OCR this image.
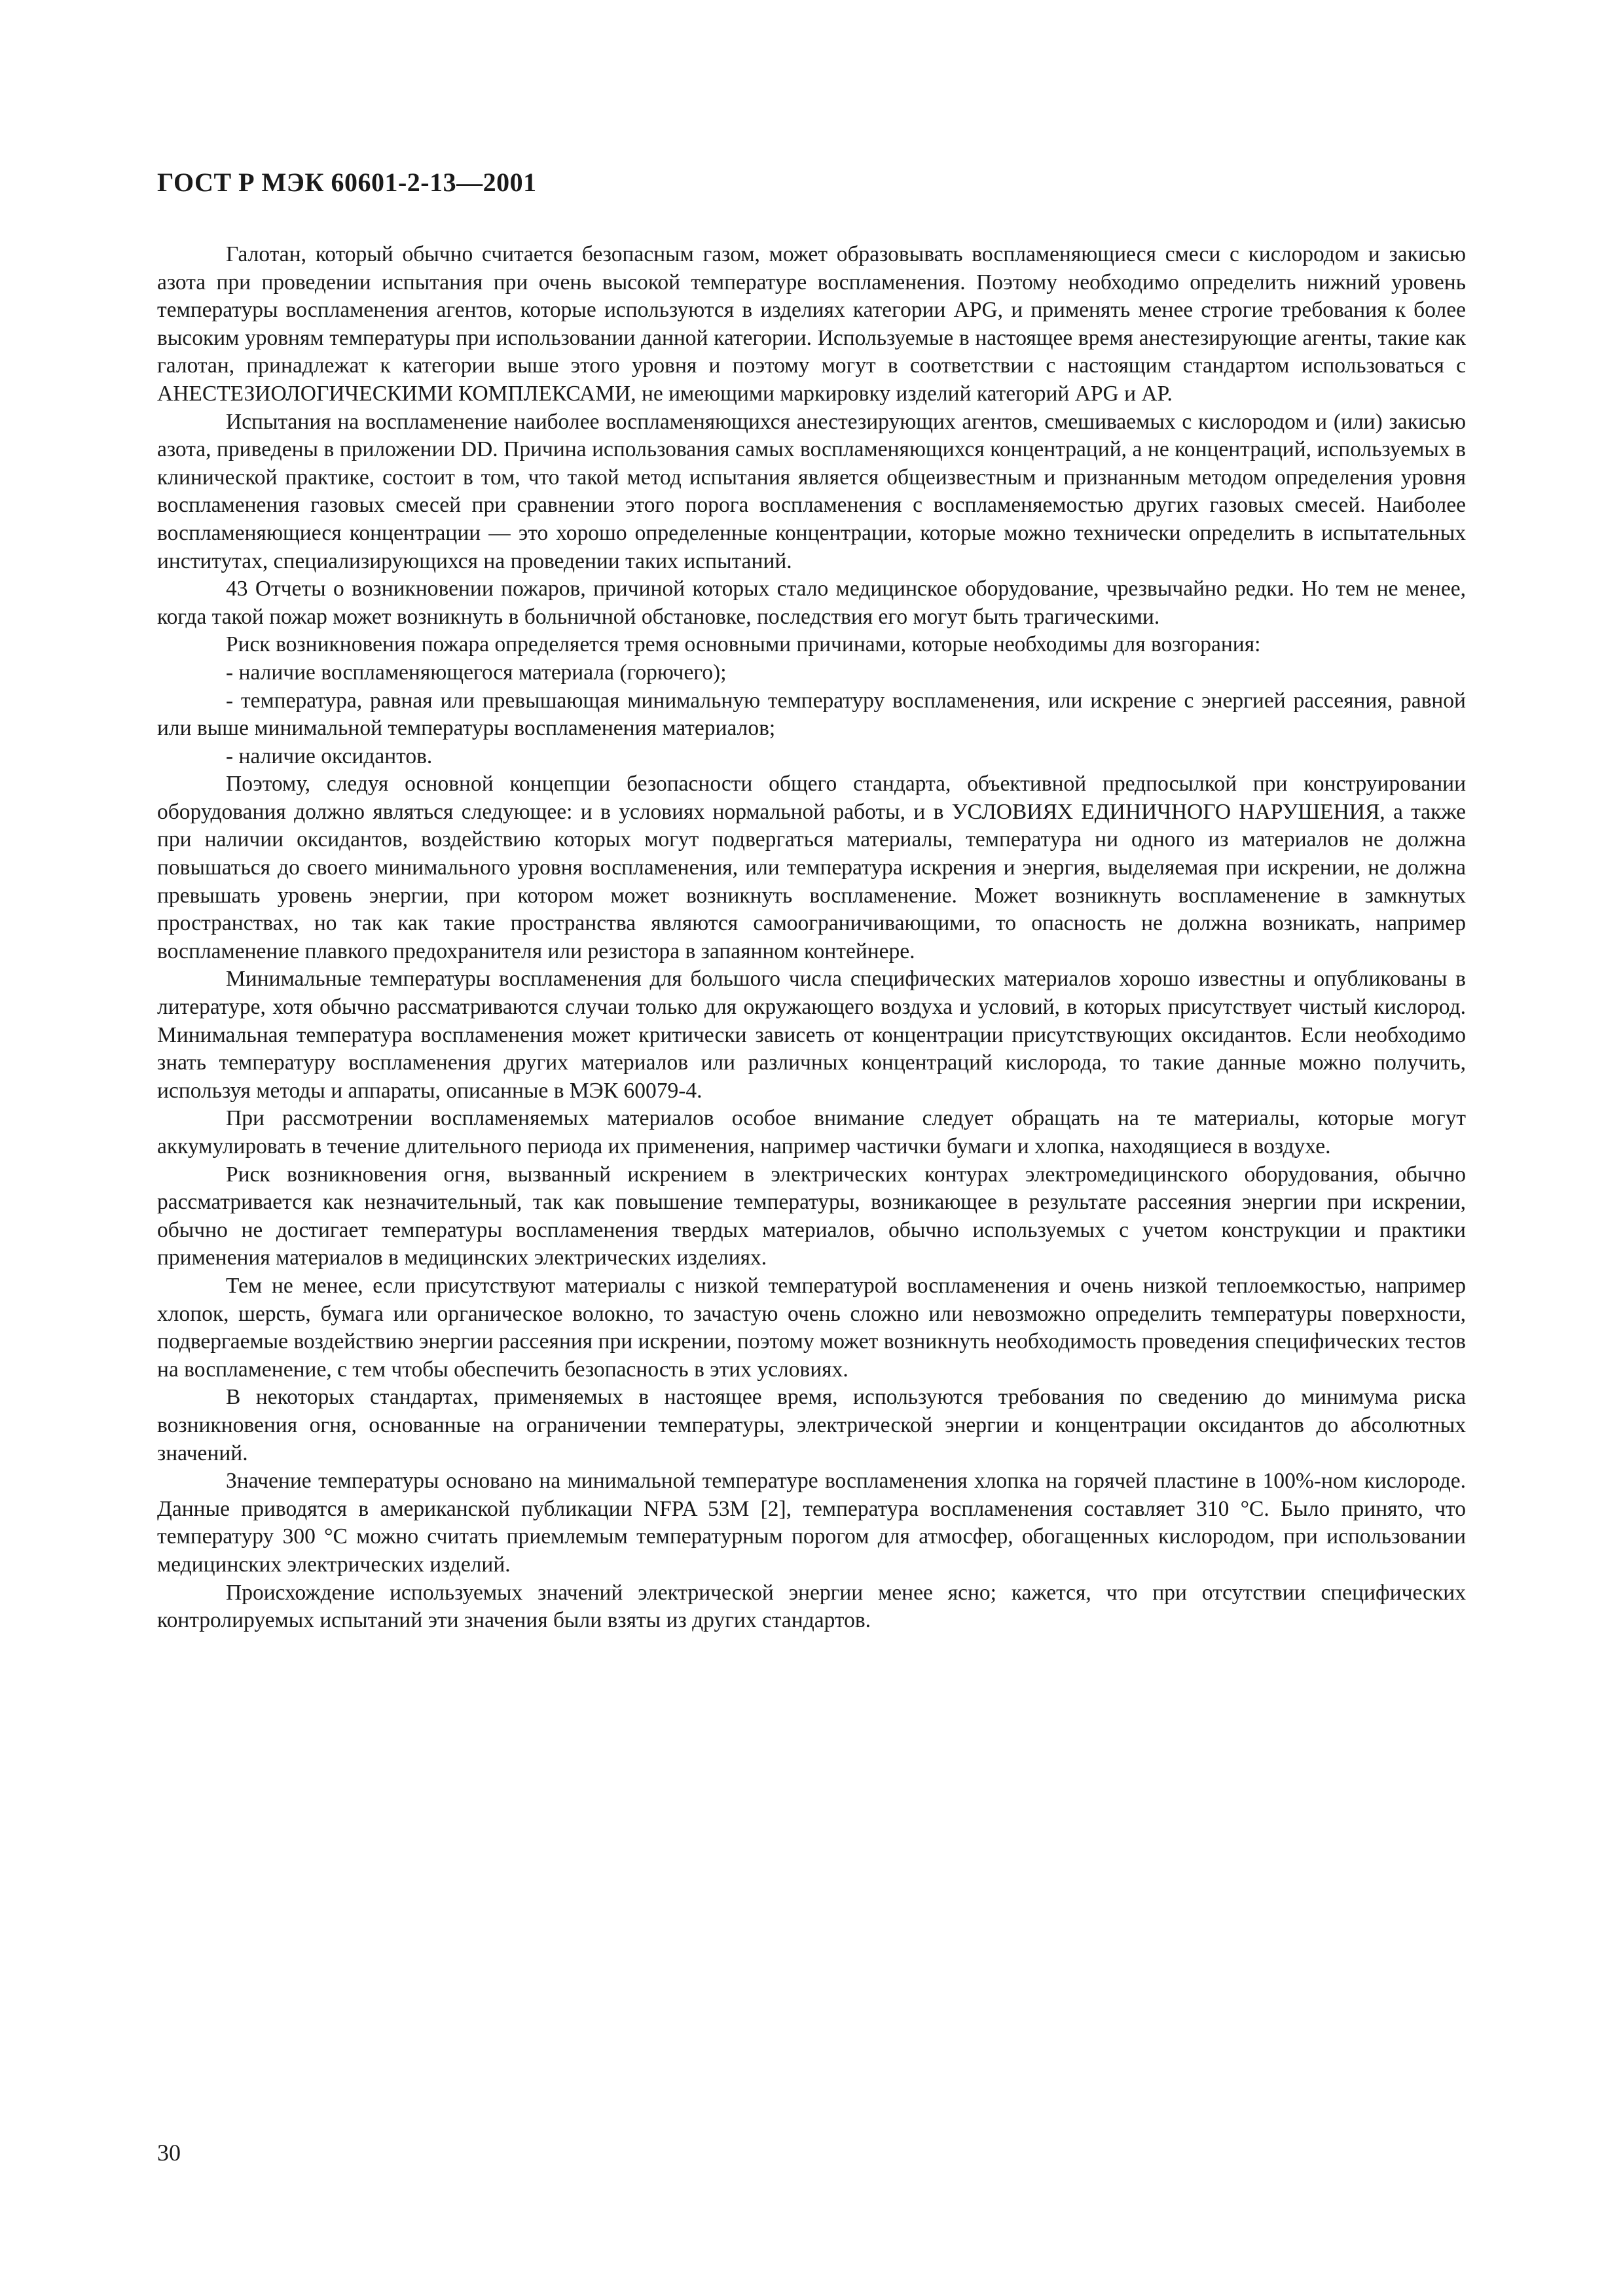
ГОСТ Р МЭК 60601-2-13—2001

Галотан, который обычно считается безопасным газом, может образовывать воспламеняющиеся смеси с кислородом и закисью азота при проведении испытания при очень высокой температуре воспламенения. Поэтому необходимо определить нижний уровень температуры воспламенения агентов, которые используются в изделиях категории APG, и применять менее строгие требования к более высоким уровням температуры при использовании данной категории. Используемые в настоящее время анестезирующие агенты, такие как галотан, принадлежат к категории выше этого уровня и поэтому могут в соответствии с настоящим стандартом использоваться с АНЕСТЕЗИОЛОГИЧЕСКИМИ КОМПЛЕКСАМИ, не имеющими маркировку изделий категорий APG и AP.

Испытания на воспламенение наиболее воспламеняющихся анестезирующих агентов, смешиваемых с кислородом и (или) закисью азота, приведены в приложении DD. Причина использования самых воспламеняющихся концентраций, а не концентраций, используемых в клинической практике, состоит в том, что такой метод испытания является общеизвестным и признанным методом определения уровня воспламенения газовых смесей при сравнении этого порога воспламенения с воспламеняемостью других газовых смесей. Наиболее воспламеняющиеся концентрации — это хорошо определенные концентрации, которые можно технически определить в испытательных институтах, специализирующихся на проведении таких испытаний.

43 Отчеты о возникновении пожаров, причиной которых стало медицинское оборудование, чрезвычайно редки. Но тем не менее, когда такой пожар может возникнуть в больничной обстановке, последствия его могут быть трагическими.

Риск возникновения пожара определяется тремя основными причинами, которые необходимы для возгорания:

- наличие воспламеняющегося материала (горючего);

- температура, равная или превышающая минимальную температуру воспламенения, или искрение с энергией рассеяния, равной или выше минимальной температуры воспламенения материалов;

- наличие оксидантов.

Поэтому, следуя основной концепции безопасности общего стандарта, объективной предпосылкой при конструировании оборудования должно являться следующее: и в условиях нормальной работы, и в УСЛОВИЯХ ЕДИНИЧНОГО НАРУШЕНИЯ, а также при наличии оксидантов, воздействию которых могут подвергаться материалы, температура ни одного из материалов не должна повышаться до своего минимального уровня воспламенения, или температура искрения и энергия, выделяемая при искрении, не должна превышать уровень энергии, при котором может возникнуть воспламенение. Может возникнуть воспламенение в замкнутых пространствах, но так как такие пространства являются самоограничивающими, то опасность не должна возникать, например воспламенение плавкого предохранителя или резистора в запаянном контейнере.

Минимальные температуры воспламенения для большого числа специфических материалов хорошо известны и опубликованы в литературе, хотя обычно рассматриваются случаи только для окружающего воздуха и условий, в которых присутствует чистый кислород. Минимальная температура воспламенения может критически зависеть от концентрации присутствующих оксидантов. Если необходимо знать температуру воспламенения других материалов или различных концентраций кислорода, то такие данные можно получить, используя методы и аппараты, описанные в МЭК 60079-4.

При рассмотрении воспламеняемых материалов особое внимание следует обращать на те материалы, которые могут аккумулировать в течение длительного периода их применения, например частички бумаги и хлопка, находящиеся в воздухе.

Риск возникновения огня, вызванный искрением в электрических контурах электромедицинского оборудования, обычно рассматривается как незначительный, так как повышение температуры, возникающее в результате рассеяния энергии при искрении, обычно не достигает температуры воспламенения твердых материалов, обычно используемых с учетом конструкции и практики применения материалов в медицинских электрических изделиях.

Тем не менее, если присутствуют материалы с низкой температурой воспламенения и очень низкой теплоемкостью, например хлопок, шерсть, бумага или органическое волокно, то зачастую очень сложно или невозможно определить температуры поверхности, подвергаемые воздействию энергии рассеяния при искрении, поэтому может возникнуть необходимость проведения специфических тестов на воспламенение, с тем чтобы обеспечить безопасность в этих условиях.

В некоторых стандартах, применяемых в настоящее время, используются требования по сведению до минимума риска возникновения огня, основанные на ограничении температуры, электрической энергии и концентрации оксидантов до абсолютных значений.

Значение температуры основано на минимальной температуре воспламенения хлопка на горячей пластине в 100%-ном кислороде. Данные приводятся в американской публикации NFPA 53M [2], температура воспламенения составляет 310 °С. Было принято, что температуру 300 °С можно считать приемлемым температурным порогом для атмосфер, обогащенных кислородом, при использовании медицинских электрических изделий.

Происхождение используемых значений электрической энергии менее ясно; кажется, что при отсутствии специфических контролируемых испытаний эти значения были взяты из других стандартов.

30
